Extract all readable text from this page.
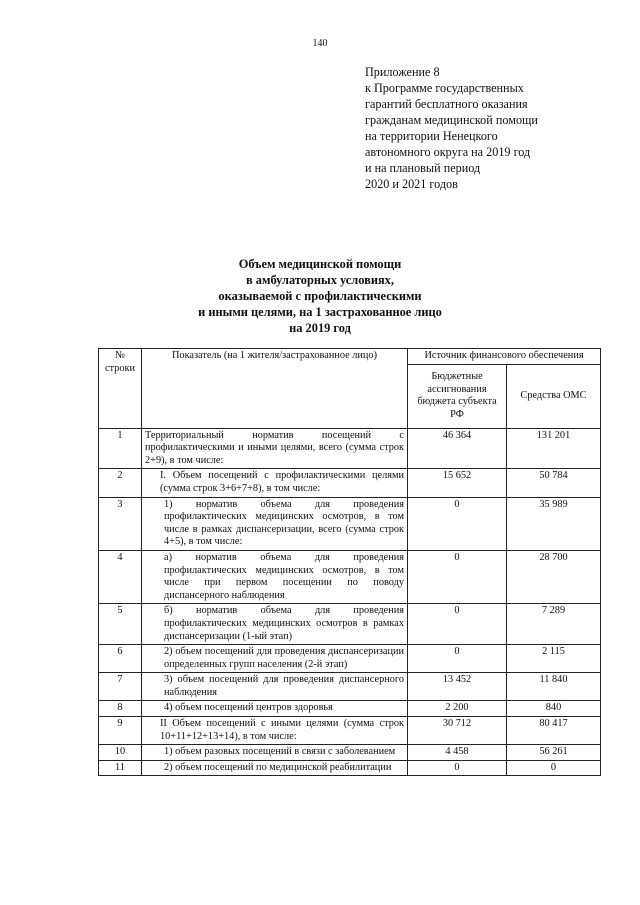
140
Приложение 8
к Программе государственных
гарантий бесплатного оказания
гражданам медицинской помощи
на территории Ненецкого
автономного округа на 2019 год
и на плановый период
2020 и 2021 годов
Объем медицинской помощи
в амбулаторных условиях,
оказываемой с профилактическими
и иными целями, на 1 застрахованное лицо
на 2019 год
№ строки	Показатель (на 1 жителя/застрахованное лицо)	Источник финансового обеспечения	
		Бюджетные ассигнования бюджета субъекта РФ	Средства ОМС
1	Территориальный норматив посещений с профилактическими и иными целями, всего (сумма строк 2+9), в том числе:	46 364	131 201
2	I. Объем посещений с профилактическими целями (сумма строк 3+6+7+8), в том числе:	15 652	50 784
3	1) норматив объема для проведения профилактических медицинских осмотров, в том числе в рамках диспансеризации, всего (сумма строк 4+5), в том числе:	0	35 989
4	а) норматив объема для проведения профилактических медицинских осмотров, в том числе при первом посещении по поводу диспансерного наблюдения	0	28 700
5	б) норматив объема для проведения профилактических медицинских осмотров в рамках диспансеризации (1-ый этап)	0	7 289
6	2) объем посещений для проведения диспансеризации определенных групп населения (2-й этап)	0	2 115
7	3) объем посещений для проведения диспансерного наблюдения	13 452	11 840
8	4) объем посещений центров здоровья	2 200	840
9	II Объем посещений с иными целями (сумма строк 10+11+12+13+14), в том числе:	30 712	80 417
10	1) объем разовых посещений в связи с заболеванием	4 458	56 261
11	2) объем посещений по медицинской реабилитации	0	0
